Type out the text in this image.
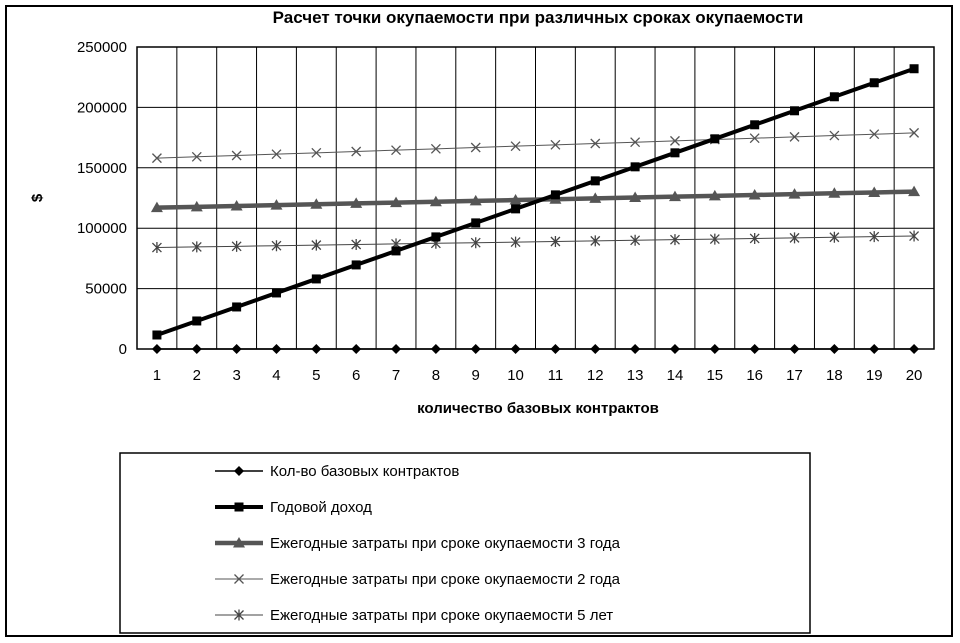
Расчет точки окупаемости при различных сроках окупаемости
0
50000
100000
150000
200000
250000
1 2 3 4 5 6 7 8 9 10 11 12 13 14 15 16 17 18 19 20
$
количество базовых контрактов
Кол-во базовых контрактов
Годовой доход
Ежегодные затраты при сроке окупаемости 3 года
Ежегодные затраты при сроке окупаемости 2 года
Ежегодные затраты при сроке окупаемости 5 лет
